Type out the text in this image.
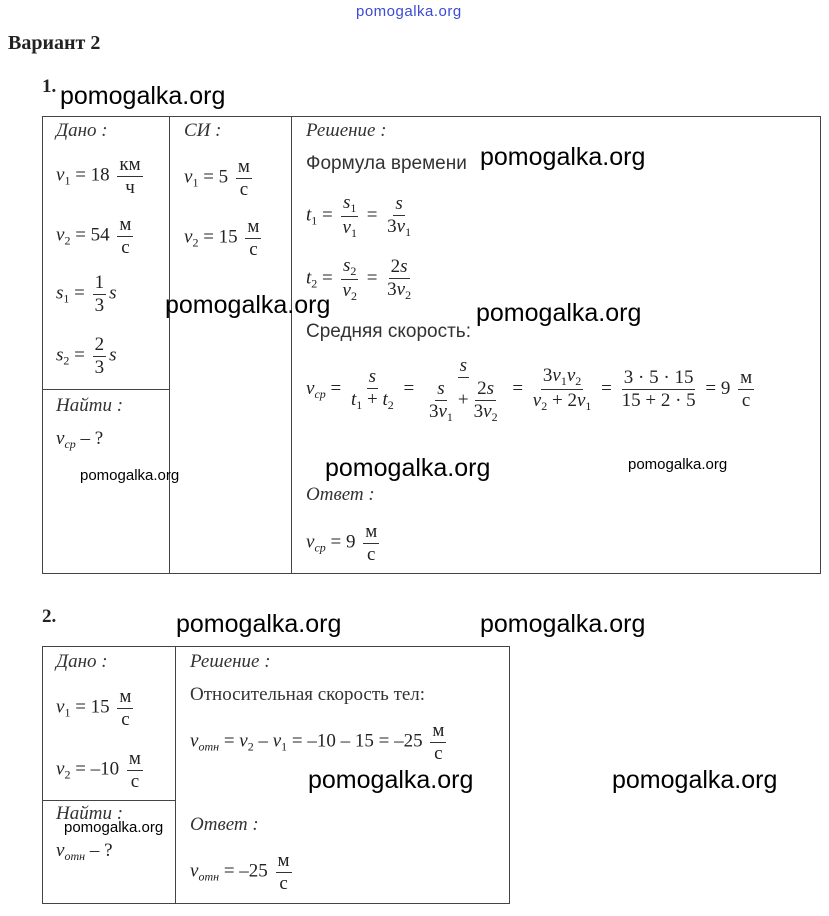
pomogalka.org
Вариант 2
1. pomogalka.org
Дано :
$v_1 = 18 \frac{км}{ч}$
$v_2 = 54 \frac{м}{с}$
$s_1 = \frac{1}{3}$ s
$s_2 = \frac{2}{3}$ s
Найти :
$v_{ср}$ – ?
pomogalka.org
СИ :
$v_1 = 5 \frac{м}{с}$
$v_2 = 15 \frac{м}{с}$
Решение :
Формула времени pomogalka.org
$t_1 = \frac{s_1}{v_1} = \frac{s}{3v_1}$
$t_2 = \frac{s_2}{v_2} = \frac{2s}{3v_2}$
pomogalka.org	pomogalka.org
Средняя скорость:
$v_{ср} = \frac{s}{t_1 + t_2} = \frac{s}{\frac{s}{3v_1} + \frac{2s}{3v_2}} = \frac{3v_1v_2}{v_2 + 2v_1} = \frac{3 \cdot 5 \cdot 15}{15 + 2 \cdot 5} = 9 \frac{м}{с}$
pomogalka.org	pomogalka.org
Ответ :
$v_{ср} = 9 \frac{м}{с}$
2.	pomogalka.org	pomogalka.org
Дано :
$v_1 = 15 \frac{м}{с}$
$v_2 = -10 \frac{м}{с}$
Найти :
pomogalka.org
$v_{отн}$ – ?
Решение :
Относительная скорость тел:
$v_{отн} = v_2 - v_1 = -10 - 15 = -25 \frac{м}{с}$
pomogalka.org	pomogalka.org
Ответ :
$v_{отн} = -25 \frac{м}{с}$
